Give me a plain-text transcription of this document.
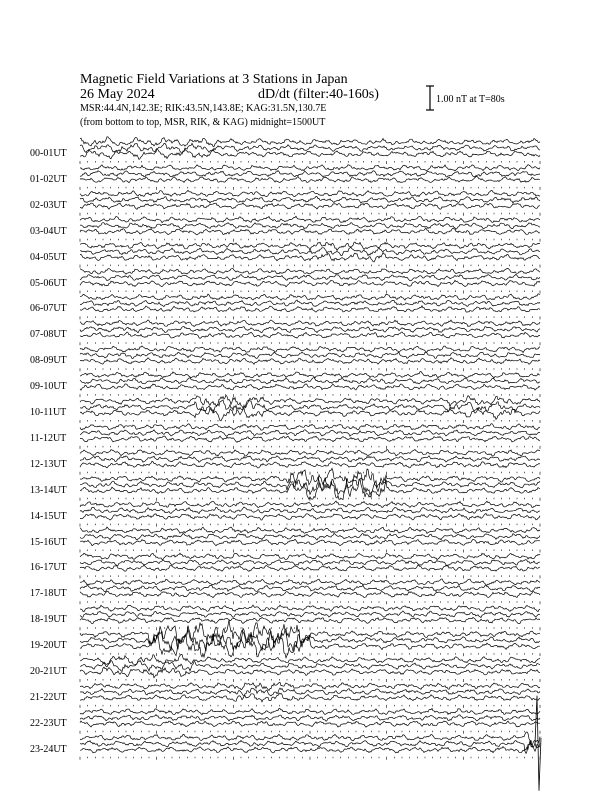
Magnetic Field Variations at 3 Stations in Japan
26 May 2024	dD/dt (filter:40-160s)
MSR:44.4N,142.3E; RIK:43.5N,143.8E; KAG:31.5N,130.7E
(from bottom to top, MSR, RIK, & KAG) midnight=1500UT
1.00 nT at T=80s
00-01UT
01-02UT
02-03UT
03-04UT
04-05UT
05-06UT
06-07UT
07-08UT
08-09UT
09-10UT
10-11UT
11-12UT
12-13UT
13-14UT
14-15UT
15-16UT
16-17UT
17-18UT
18-19UT
19-20UT
20-21UT
21-22UT
22-23UT
23-24UT
